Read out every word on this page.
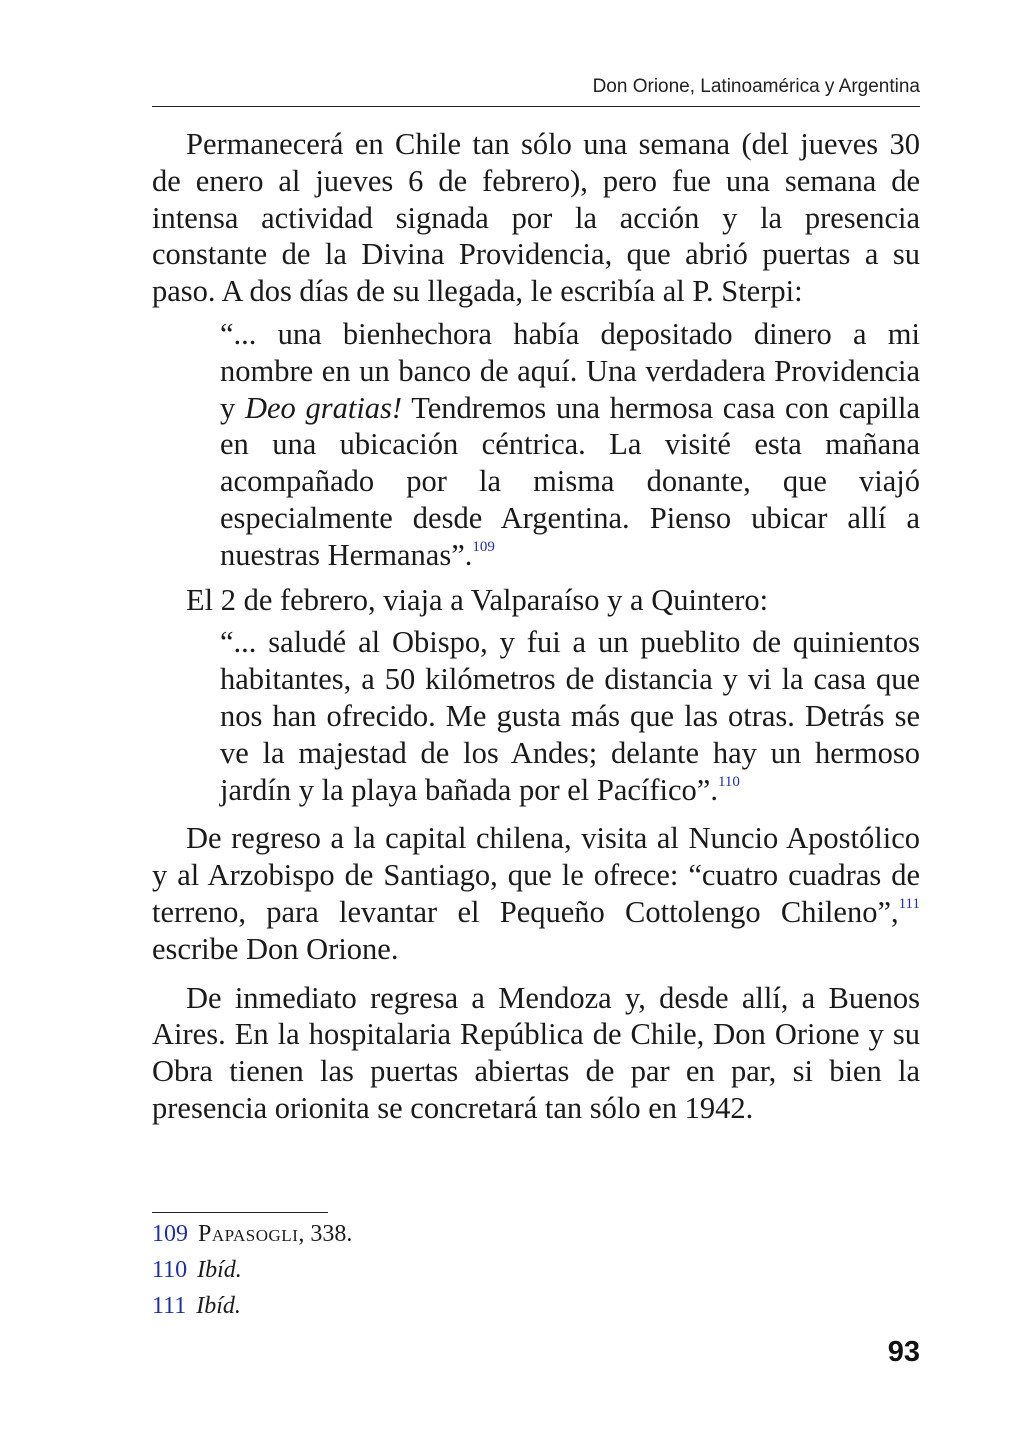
Don Orione, Latinoamérica y Argentina

Permanecerá en Chile tan sólo una semana (del jueves 30 de enero al jueves 6 de febrero), pero fue una semana de intensa actividad signada por la acción y la presencia constante de la Divina Providencia, que abrió puertas a su paso. A dos días de su llegada, le escribía al P. Sterpi:

“... una bienhechora había depositado dinero a mi nombre en un banco de aquí. Una verdadera Providencia y Deo gratias! Tendremos una hermosa casa con capilla en una ubicación céntrica. La visité esta mañana acompañado por la misma donante, que viajó especialmente desde Argentina. Pienso ubicar allí a nuestras Hermanas”.$^{109}$

El 2 de febrero, viaja a Valparaíso y a Quintero:

“... saludé al Obispo, y fui a un pueblito de quinientos habitantes, a 50 kilómetros de distancia y vi la casa que nos han ofrecido. Me gusta más que las otras. Detrás se ve la majestad de los Andes; delante hay un hermoso jardín y la playa bañada por el Pacífico”.$^{110}$

De regreso a la capital chilena, visita al Nuncio Apostólico y al Arzobispo de Santiago, que le ofrece: “cuatro cuadras de terreno, para levantar el Pequeño Cottolengo Chileno”,$^{111}$ escribe Don Orione.

De inmediato regresa a Mendoza y, desde allí, a Buenos Aires. En la hospitalaria República de Chile, Don Orione y su Obra tienen las puertas abiertas de par en par, si bien la presencia orionita se concretará tan sólo en 1942.

109 Papasogli, 338.
110 Ibíd.
111 Ibíd.
93
